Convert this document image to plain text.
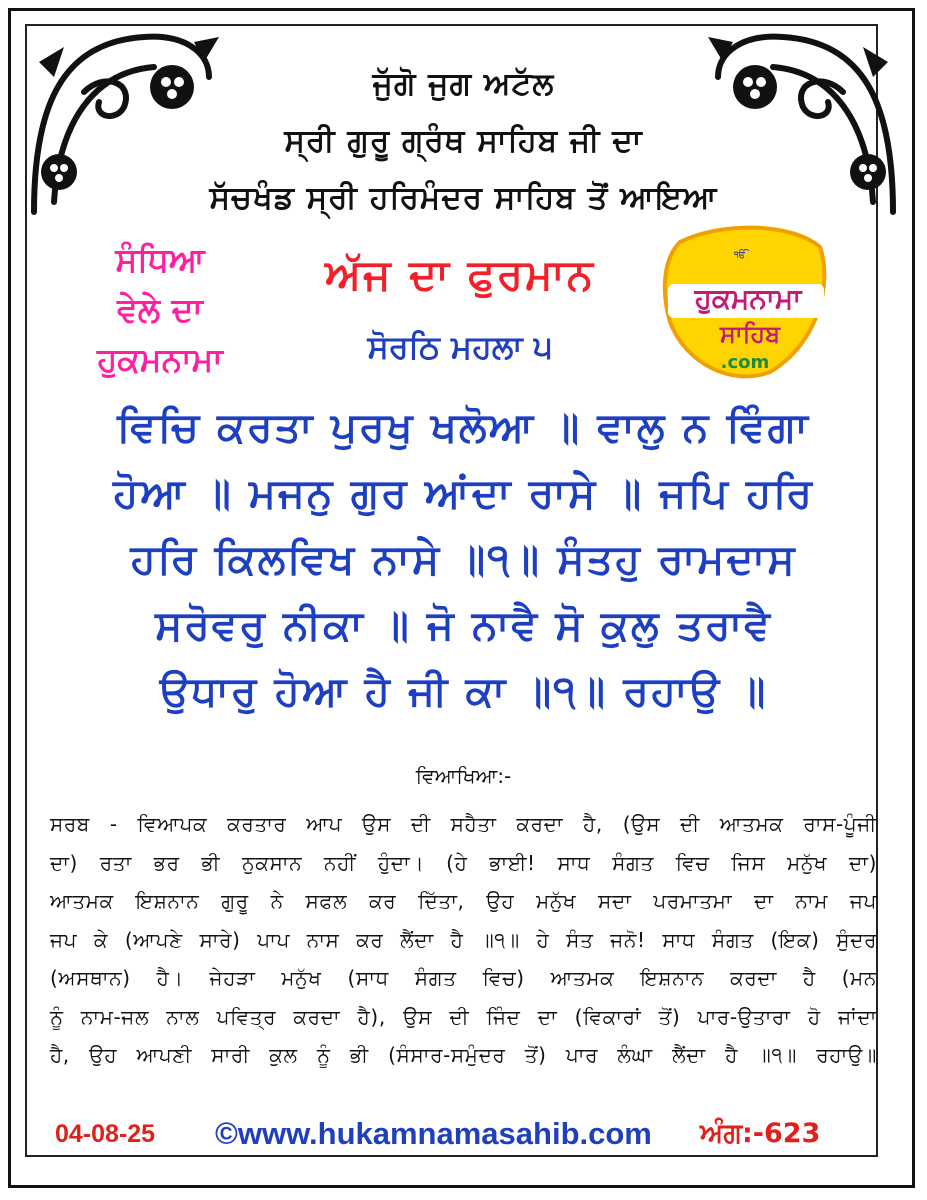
ਜੁੱਗੋ ਜੁਗ ਅਟੱਲ
ਸ੍ਰੀ ਗੁਰੂ ਗ੍ਰੰਥ ਸਾਹਿਬ ਜੀ ਦਾ
ਸੱਚਖੰਡ ਸ੍ਰੀ ਹਰਿਮੰਦਰ ਸਾਹਿਬ ਤੋਂ ਆਇਆ
ਸੰਧਿਆ
ਵੇਲੇ ਦਾ
ਹੁਕਮਨਾਮਾ
ਅੱਜ ਦਾ ਫੁਰਮਾਨ
ਸੋਰਠਿ ਮਹਲਾ ੫
ੴ
ਹੁਕਮਨਾਮਾ
ਸਾਹਿਬ
.com
ਵਿਚਿ ਕਰਤਾ ਪੁਰਖੁ ਖਲੋਆ ॥ ਵਾਲੁ ਨ ਵਿੰਗਾ
ਹੋਆ ॥ ਮਜਨੁ ਗੁਰ ਆਂਦਾ ਰਾਸੇ ॥ ਜਪਿ ਹਰਿ
ਹਰਿ ਕਿਲਵਿਖ ਨਾਸੇ ॥੧॥ ਸੰਤਹੁ ਰਾਮਦਾਸ
ਸਰੋਵਰੁ ਨੀਕਾ ॥ ਜੋ ਨਾਵੈ ਸੋ ਕੁਲੁ ਤਰਾਵੈ
ਉਧਾਰੁ ਹੋਆ ਹੈ ਜੀ ਕਾ ॥੧॥ ਰਹਾਉ ॥
ਵਿਆਖਿਆ:-
ਸਰਬ - ਵਿਆਪਕ ਕਰਤਾਰ ਆਪ ਉਸ ਦੀ ਸਹੈਤਾ ਕਰਦਾ ਹੈ, (ਉਸ ਦੀ ਆਤਮਕ ਰਾਸ-ਪੂੰਜੀ
ਦਾ) ਰਤਾ ਭਰ ਭੀ ਨੁਕਸਾਨ ਨਹੀਂ ਹੁੰਦਾ। (ਹੇ ਭਾਈ! ਸਾਧ ਸੰਗਤ ਵਿਚ ਜਿਸ ਮਨੁੱਖ ਦਾ)
ਆਤਮਕ ਇਸ਼ਨਾਨ ਗੁਰੂ ਨੇ ਸਫਲ ਕਰ ਦਿੱਤਾ, ਉਹ ਮਨੁੱਖ ਸਦਾ ਪਰਮਾਤਮਾ ਦਾ ਨਾਮ ਜਪ
ਜਪ ਕੇ (ਆਪਣੇ ਸਾਰੇ) ਪਾਪ ਨਾਸ ਕਰ ਲੈਂਦਾ ਹੈ ॥੧॥ ਹੇ ਸੰਤ ਜਨੋ! ਸਾਧ ਸੰਗਤ (ਇਕ) ਸੁੰਦਰ
(ਅਸਥਾਨ) ਹੈ। ਜੇਹੜਾ ਮਨੁੱਖ (ਸਾਧ ਸੰਗਤ ਵਿਚ) ਆਤਮਕ ਇਸ਼ਨਾਨ ਕਰਦਾ ਹੈ (ਮਨ
ਨੂੰ ਨਾਮ-ਜਲ ਨਾਲ ਪਵਿਤ੍ਰ ਕਰਦਾ ਹੈ), ਉਸ ਦੀ ਜਿੰਦ ਦਾ (ਵਿਕਾਰਾਂ ਤੋਂ) ਪਾਰ-ਉਤਾਰਾ ਹੋ ਜਾਂਦਾ
ਹੈ, ਉਹ ਆਪਣੀ ਸਾਰੀ ਕੁਲ ਨੂੰ ਭੀ (ਸੰਸਾਰ-ਸਮੁੰਦਰ ਤੋਂ) ਪਾਰ ਲੰਘਾ ਲੈਂਦਾ ਹੈ ॥੧॥ ਰਹਾਉ॥
04-08-25 ©www.hukamnamasahib.com ਅੰਗ:-623
